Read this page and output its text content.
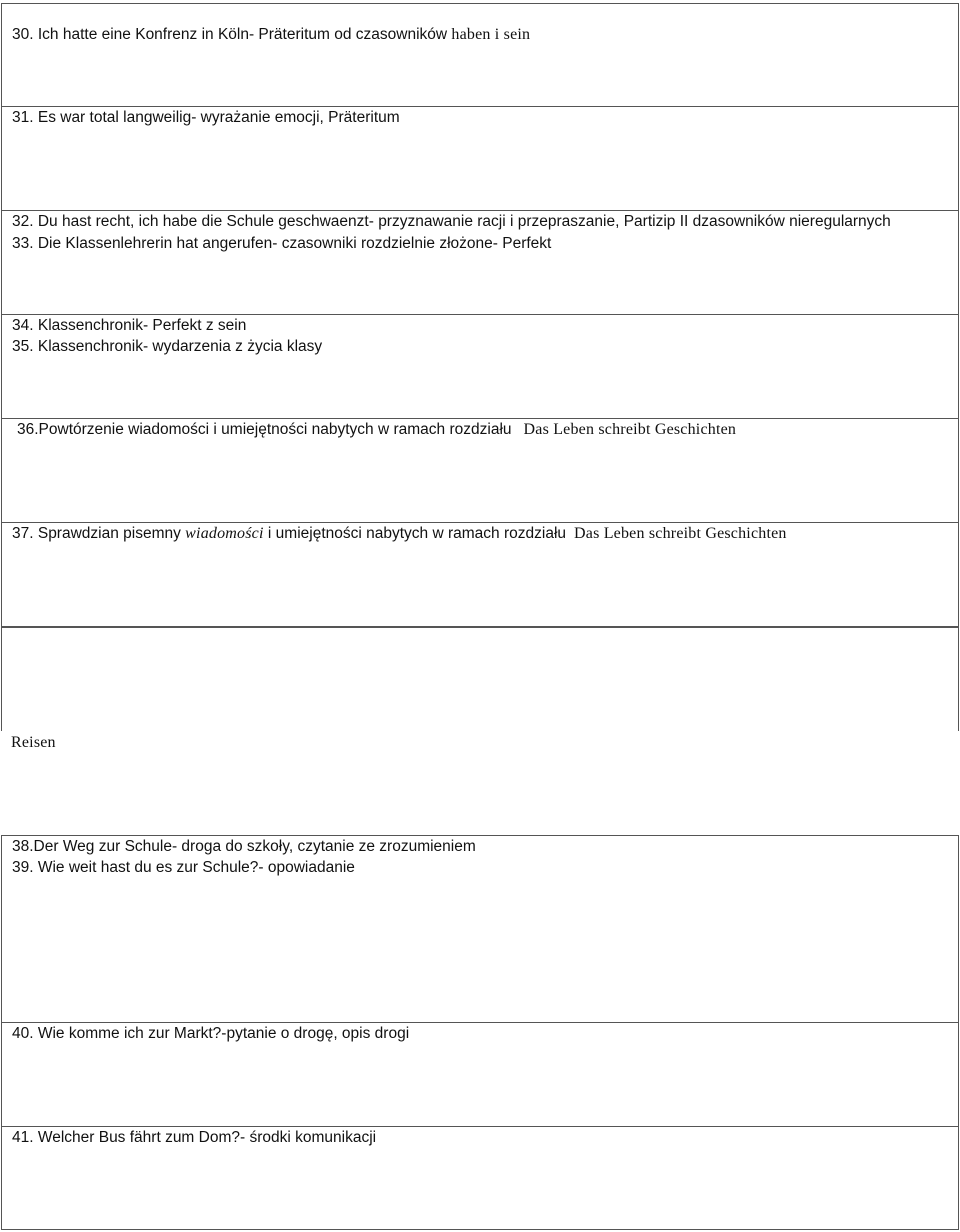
30. Ich hatte eine Konfrenz in Köln- Präteritum od czasowników haben i sein
31. Es war total langweilig- wyrażanie emocji, Präteritum
32. Du hast recht, ich habe die Schule geschwaenzt- przyznawanie racji i przepraszanie, Partizip II dzasowników nieregularnych
33. Die Klassenlehrerin hat angerufen- czasowniki rozdzielnie złożone- Perfekt
34. Klassenchronik- Perfekt z sein
35. Klassenchronik- wydarzenia z życia klasy
36.Powtórzenie wiadomości i umiejętności nabytych w ramach rozdziału Das Leben schreibt Geschichten
37. Sprawdzian pisemny wiadomości i umiejętności nabytych w ramach rozdziału Das Leben schreibt Geschichten
Reisen
38.Der Weg zur Schule- droga do szkoły, czytanie ze zrozumieniem
39. Wie weit hast du es zur Schule?- opowiadanie
40. Wie komme ich zur Markt?-pytanie o drogę, opis drogi
41. Welcher Bus fährt zum Dom?- środki komunikacji
